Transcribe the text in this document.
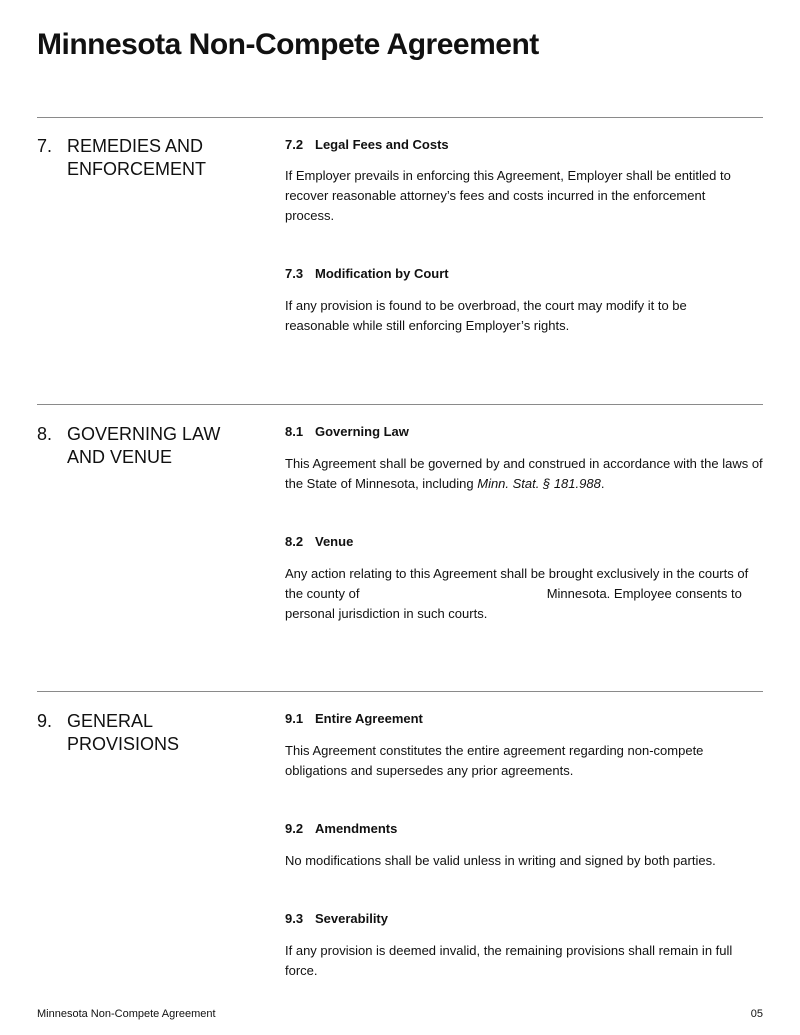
Minnesota Non-Compete Agreement
7. REMEDIES AND ENFORCEMENT
7.2 Legal Fees and Costs
If Employer prevails in enforcing this Agreement, Employer shall be entitled to recover reasonable attorney’s fees and costs incurred in the enforcement process.
7.3 Modification by Court
If any provision is found to be overbroad, the court may modify it to be reasonable while still enforcing Employer’s rights.
8. GOVERNING LAW AND VENUE
8.1 Governing Law
This Agreement shall be governed by and construed in accordance with the laws of the State of Minnesota, including Minn. Stat. § 181.988.
8.2 Venue
Any action relating to this Agreement shall be brought exclusively in the courts of the county of	Minnesota. Employee consents to personal jurisdiction in such courts.
9. GENERAL PROVISIONS
9.1 Entire Agreement
This Agreement constitutes the entire agreement regarding non-compete obligations and supersedes any prior agreements.
9.2 Amendments
No modifications shall be valid unless in writing and signed by both parties.
9.3 Severability
If any provision is deemed invalid, the remaining provisions shall remain in full force.
Minnesota Non-Compete Agreement	05
